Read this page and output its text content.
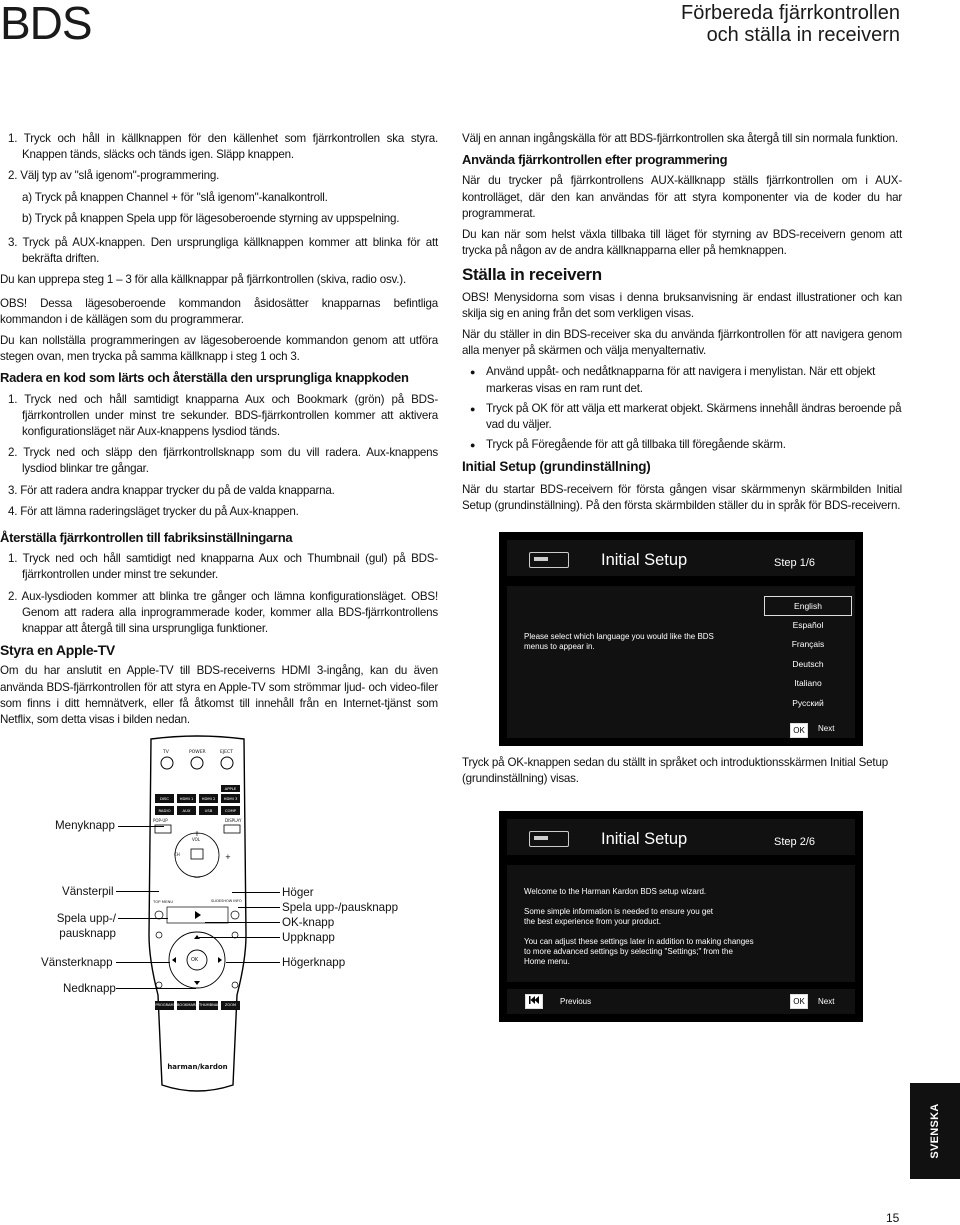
BDS	Förbereda fjärrkontrollen
och ställa in receivern

1. Tryck och håll in källknappen för den källenhet som fjärrkontrollen ska styra. Knappen tänds, släcks och tänds igen. Släpp knappen.

2. Välj typ av "slå igenom"-programmering.

a) Tryck på knappen Channel + för "slå igenom"-kanalkontroll.

b) Tryck på knappen Spela upp för lägesoberoende styrning av uppspelning.

3. Tryck på AUX-knappen. Den ursprungliga källknappen kommer att blinka för att bekräfta driften.

Du kan upprepa steg 1 – 3 för alla källknappar på fjärrkontrollen (skiva, radio osv.).

OBS! Dessa lägesoberoende kommandon åsidosätter knapparnas befintliga kommandon i de källägen som du programmerar.

Du kan nollställa programmeringen av lägesoberoende kommandon genom att utföra stegen ovan, men trycka på samma källknapp i steg 1 och 3.

Radera en kod som lärts och återställa den ursprungliga knappkoden

1. Tryck ned och håll samtidigt knapparna Aux och Bookmark (grön) på BDS-fjärrkontrollen under minst tre sekunder. BDS-fjärrkontrollen kommer att aktivera konfigurationsläget när Aux-knappens lysdiod tänds.

2. Tryck ned och släpp den fjärrkontrollsknapp som du vill radera. Aux-knappens lysdiod blinkar tre gångar.

3. För att radera andra knappar trycker du på de valda knapparna.

4. För att lämna raderingsläget trycker du på Aux-knappen.

Återställa fjärrkontrollen till fabriksinställningarna

1. Tryck ned och håll samtidigt ned knapparna Aux och Thumbnail (gul) på BDS-fjärrkontrollen under minst tre sekunder.

2. Aux-lysdioden kommer att blinka tre gånger och lämna konfigurationsläget. OBS! Genom att radera alla inprogrammerade koder, kommer alla BDS-fjärrkontrollens knappar att återgå till sina ursprungliga funktioner.

Styra en Apple-TV

Om du har anslutit en Apple-TV till BDS-receiverns HDMI 3-ingång, kan du även använda BDS-fjärrkontrollen för att styra en Apple-TV som strömmar ljud- och video-filer som finns i ditt hemnätverk, eller få åtkomst till innehåll från en Internet-tjänst som Netflix, som detta visas i bilden nedan.

Välj en annan ingångskälla för att BDS-fjärrkontrollen ska återgå till sin normala funktion.

Använda fjärrkontrollen efter programmering

När du trycker på fjärrkontrollens AUX-källknapp ställs fjärrkontrollen om i AUX-kontrolläget, där den kan användas för att styra komponenter via de koder du har programmerat.

Du kan när som helst växla tillbaka till läget för styrning av BDS-receivern genom att trycka på någon av de andra källknapparna eller på hemknappen.

Ställa in receivern

OBS! Menysidorna som visas i denna bruksanvisning är endast illustrationer och kan skilja sig en aning från det som verkligen visas.

När du ställer in din BDS-receiver ska du använda fjärrkontrollen för att navigera genom alla menyer på skärmen och välja menyalternativ.

● Använd uppåt- och nedåtknapparna för att navigera i menylistan. När ett objekt markeras visas en ram runt det.
● Tryck på OK för att välja ett markerat objekt. Skärmens innehåll ändras beroende på vad du väljer.
● Tryck på Föregående för att gå tillbaka till föregående skärm.
Initial Setup (grundinställning)

När du startar BDS-receivern för första gången visar skärmmenyn skärmbilden Initial Setup (grundinställning). På den första skärmbilden ställer du in språk för BDS-receivern.

Initial Setup	Step 1/6
Please select which language you would like the BDS menus to appear in.
English
Español
Français
Deutsch
Italiano
Русский
OK	Next

Tryck på OK-knappen sedan du ställt in språket och introduktionsskärmen Initial Setup (grundinställning) visas.

Initial Setup	Step 2/6
Welcome to the Harman Kardon BDS setup wizard.
Some simple information is needed to ensure you get the best experience from your product.
You can adjust these settings later in addition to making changes to more advanced settings by selecting "Settings;" from the Home menu.
Previous	OK	Next
+
−
+
TV	POWER	EJECT
APPLE
DISC	HDMI 1	HDMI 2	HDMI 3
RADIO	AUX	USB	COMP
POP-UP	DISPLAY
VOL
CH
TOP MENU	SLIDESHOW INFO
OK
PROGRAM BOOKMARK THUMBNAIL	ZOOM
harman/kardon
Menyknapp
Vänsterpil
Spela upp-/ pausknapp
Vänsterknapp
Nedknapp
Höger
Spela upp-/pausknapp
OK-knapp
Uppknapp
Högerknapp
SVENSKA
15
